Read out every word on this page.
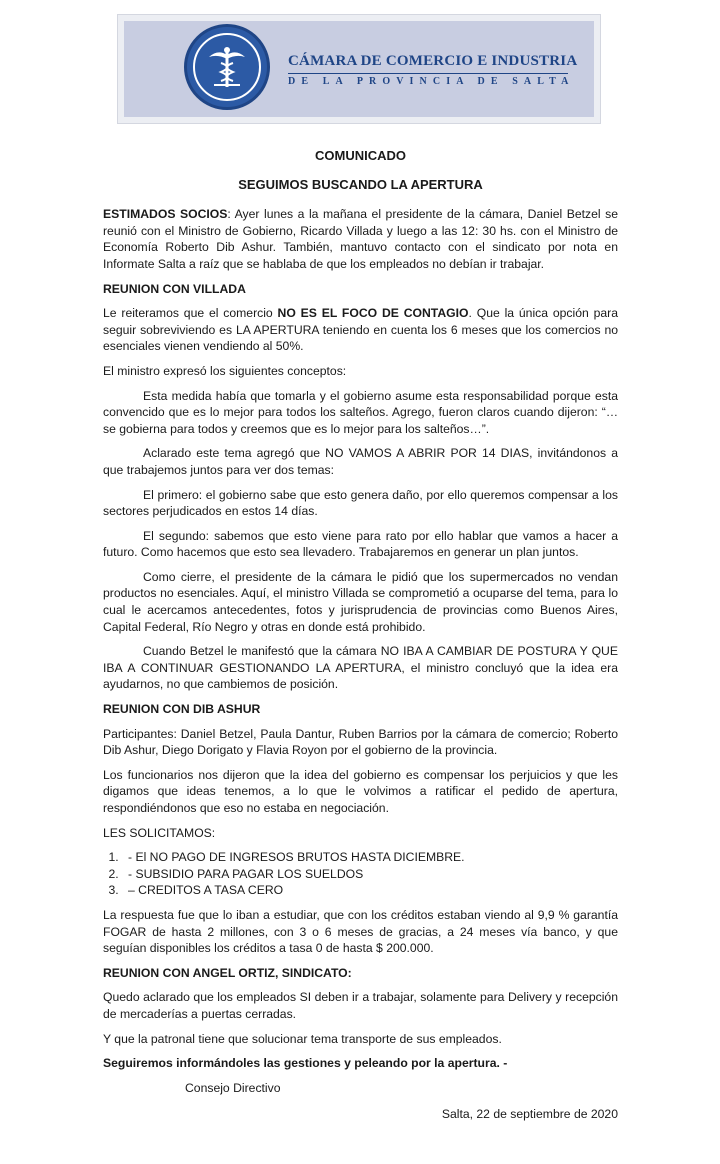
CÁMARA DE COMERCIO E INDUSTRIA
DE LA PROVINCIA DE SALTA

COMUNICADO

SEGUIMOS BUSCANDO LA APERTURA

ESTIMADOS SOCIOS: Ayer lunes a la mañana el presidente de la cámara, Daniel Betzel se reunió con el Ministro de Gobierno, Ricardo Villada y luego a las 12: 30 hs. con el Ministro de Economía Roberto Dib Ashur. También, mantuvo contacto con el sindicato por nota en Informate Salta a raíz que se hablaba de que los empleados no debían ir trabajar.

REUNION CON VILLADA

Le reiteramos que el comercio NO ES EL FOCO DE CONTAGIO. Que la única opción para seguir sobreviviendo es LA APERTURA teniendo en cuenta los 6 meses que los comercios no esenciales vienen vendiendo al 50%.

El ministro expresó los siguientes conceptos:

Esta medida había que tomarla y el gobierno asume esta responsabilidad porque esta convencido que es lo mejor para todos los salteños. Agrego, fueron claros cuando dijeron: “… se gobierna para todos y creemos que es lo mejor para los salteños…”.

Aclarado este tema agregó que NO VAMOS A ABRIR POR 14 DIAS, invitándonos a que trabajemos juntos para ver dos temas:

El primero: el gobierno sabe que esto genera daño, por ello queremos compensar a los sectores perjudicados en estos 14 días.

El segundo: sabemos que esto viene para rato por ello hablar que vamos a hacer a futuro. Como hacemos que esto sea llevadero. Trabajaremos en generar un plan juntos.

Como cierre, el presidente de la cámara le pidió que los supermercados no vendan productos no esenciales. Aquí, el ministro Villada se comprometió a ocuparse del tema, para lo cual le acercamos antecedentes, fotos y jurisprudencia de provincias como Buenos Aires, Capital Federal, Río Negro y otras en donde está prohibido.

Cuando Betzel le manifestó que la cámara NO IBA A CAMBIAR DE POSTURA Y QUE IBA A CONTINUAR GESTIONANDO LA APERTURA, el ministro concluyó que la idea era ayudarnos, no que cambiemos de posición.

REUNION CON DIB ASHUR

Participantes: Daniel Betzel, Paula Dantur, Ruben Barrios por la cámara de comercio; Roberto Dib Ashur, Diego Dorigato y Flavia Royon por el gobierno de la provincia.

Los funcionarios nos dijeron que la idea del gobierno es compensar los perjuicios y que les digamos que ideas tenemos, a lo que le volvimos a ratificar el pedido de apertura, respondiéndonos que eso no estaba en negociación.

LES SOLICITAMOS:

1. - El NO PAGO DE INGRESOS BRUTOS HASTA DICIEMBRE.
2. - SUBSIDIO PARA PAGAR LOS SUELDOS
3. – CREDITOS A TASA CERO

La respuesta fue que lo iban a estudiar, que con los créditos estaban viendo al 9,9 % garantía FOGAR de hasta 2 millones, con 3 o 6 meses de gracias, a 24 meses vía banco, y que seguían disponibles los créditos a tasa 0 de hasta $ 200.000.

REUNION CON ANGEL ORTIZ, SINDICATO:

Quedo aclarado que los empleados SI deben ir a trabajar, solamente para Delivery y recepción de mercaderías a puertas cerradas.

Y que la patronal tiene que solucionar tema transporte de sus empleados.

Seguiremos informándoles las gestiones y peleando por la apertura. -

Consejo Directivo

Salta, 22 de septiembre de 2020
